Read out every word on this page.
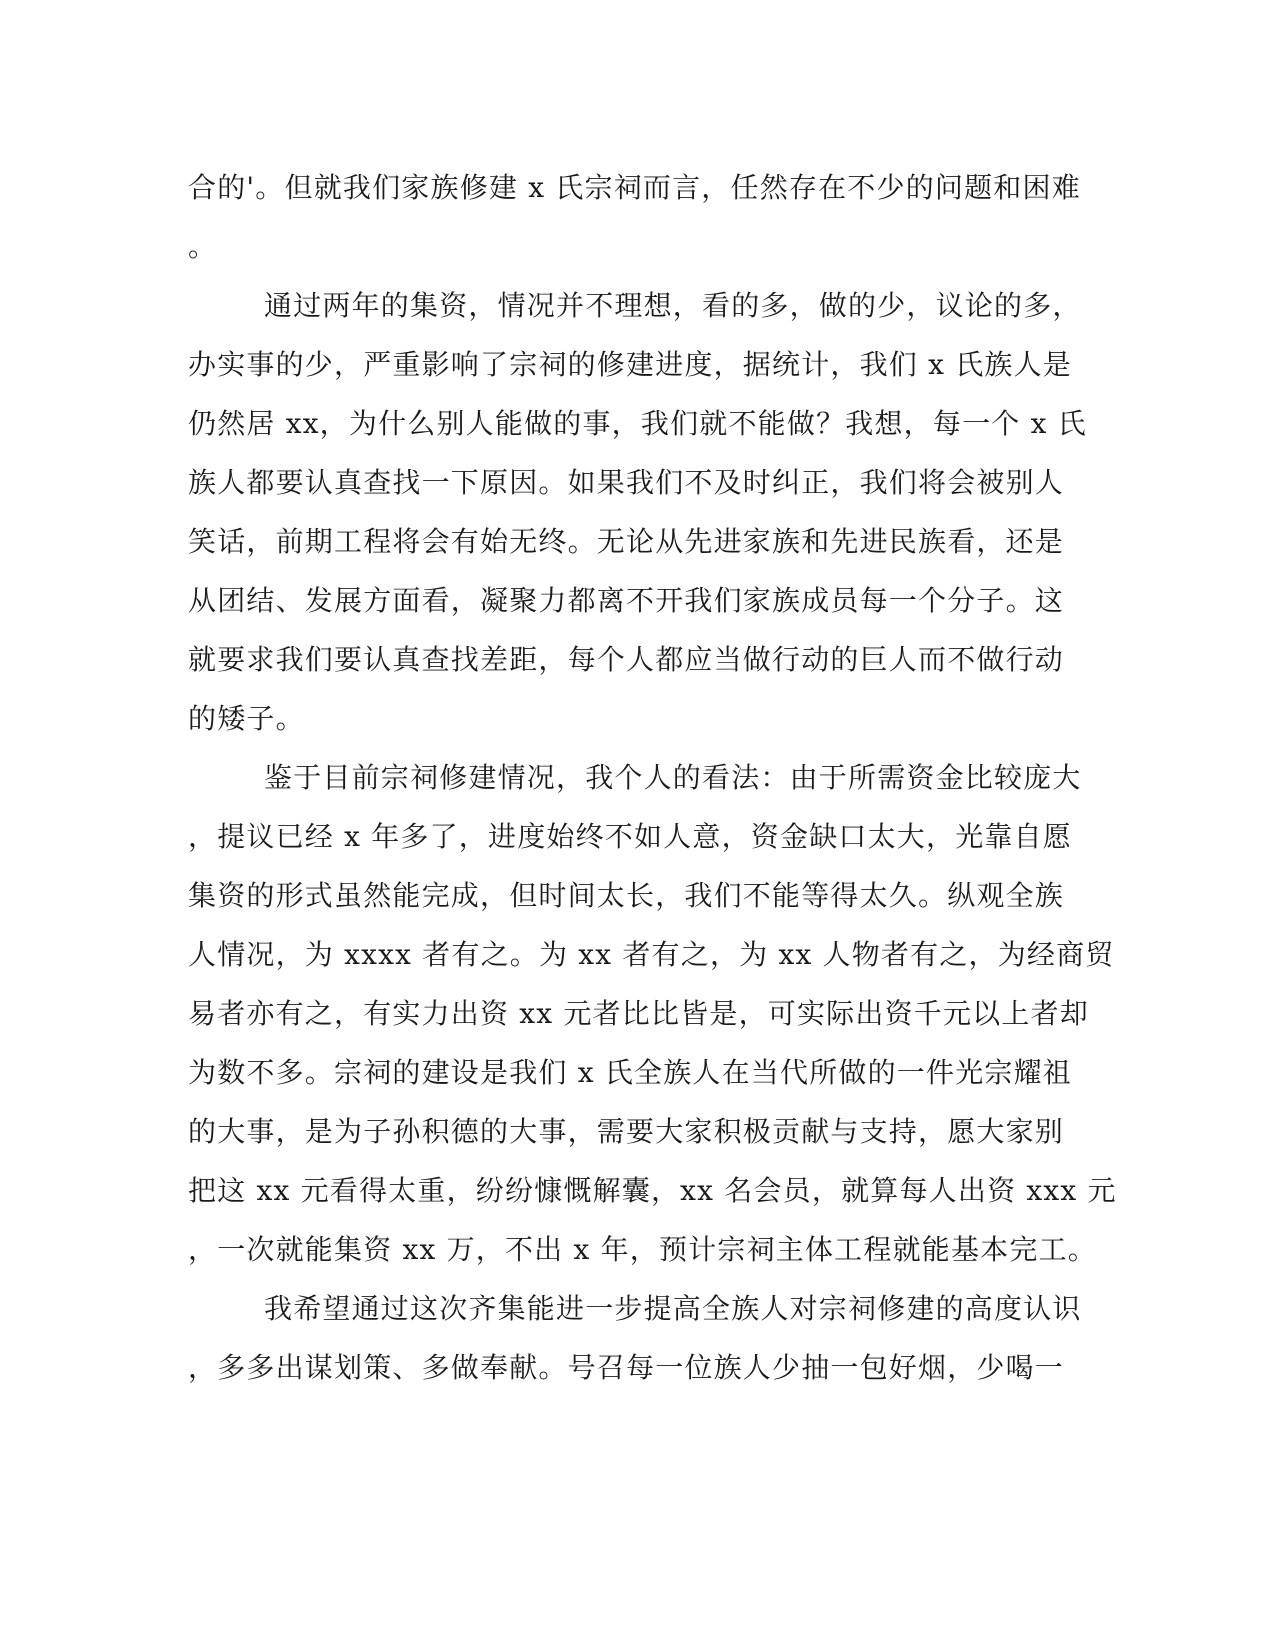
合的'。但就我们家族修建 x 氏宗祠而言，任然存在不少的问题和困难
。
通过两年的集资，情况并不理想，看的多，做的少，议论的多，
办实事的少，严重影响了宗祠的修建进度，据统计，我们 x 氏族人是
仍然居 xx，为什么别人能做的事，我们就不能做？我想，每一个 x 氏
族人都要认真查找一下原因。如果我们不及时纠正，我们将会被别人
笑话，前期工程将会有始无终。无论从先进家族和先进民族看，还是
从团结、发展方面看，凝聚力都离不开我们家族成员每一个分子。这
就要求我们要认真查找差距，每个人都应当做行动的巨人而不做行动
的矮子。
鉴于目前宗祠修建情况，我个人的看法：由于所需资金比较庞大
，提议已经 x 年多了，进度始终不如人意，资金缺口太大，光靠自愿
集资的形式虽然能完成，但时间太长，我们不能等得太久。纵观全族
人情况，为 xxxx 者有之。为 xx 者有之，为 xx 人物者有之，为经商贸
易者亦有之，有实力出资 xx 元者比比皆是，可实际出资千元以上者却
为数不多。宗祠的建设是我们 x 氏全族人在当代所做的一件光宗耀祖
的大事，是为子孙积德的大事，需要大家积极贡献与支持，愿大家别
把这 xx 元看得太重，纷纷慷慨解囊，xx 名会员，就算每人出资 xxx 元
，一次就能集资 xx 万，不出 x 年，预计宗祠主体工程就能基本完工。
我希望通过这次齐集能进一步提高全族人对宗祠修建的高度认识
，多多出谋划策、多做奉献。号召每一位族人少抽一包好烟，少喝一
